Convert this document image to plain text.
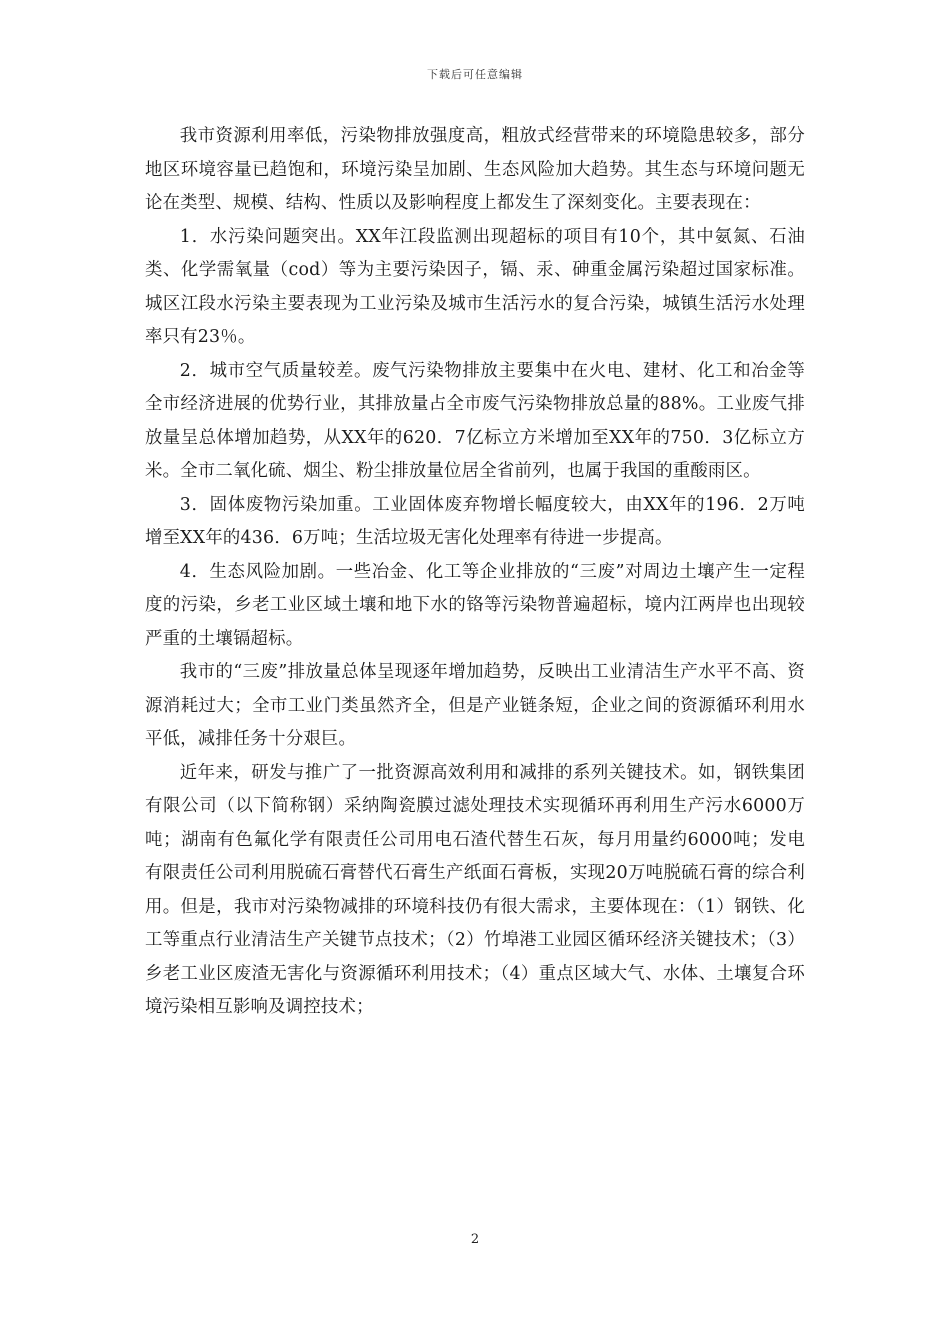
下载后可任意编辑

我市资源利用率低，污染物排放强度高，粗放式经营带来的环境隐患较多，部分地区环境容量已趋饱和，环境污染呈加剧、生态风险加大趋势。其生态与环境问题无论在类型、规模、结构、性质以及影响程度上都发生了深刻变化。主要表现在：

1．水污染问题突出。XX年江段监测出现超标的项目有10个，其中氨氮、石油类、化学需氧量（cod）等为主要污染因子，镉、汞、砷重金属污染超过国家标准。城区江段水污染主要表现为工业污染及城市生活污水的复合污染，城镇生活污水处理率只有23％。

2．城市空气质量较差。废气污染物排放主要集中在火电、建材、化工和冶金等全市经济进展的优势行业，其排放量占全市废气污染物排放总量的88%。工业废气排放量呈总体增加趋势，从XX年的620．7亿标立方米增加至XX年的750．3亿标立方米。全市二氧化硫、烟尘、粉尘排放量位居全省前列，也属于我国的重酸雨区。

3．固体废物污染加重。工业固体废弃物增长幅度较大，由XX年的196．2万吨增至XX年的436．6万吨；生活垃圾无害化处理率有待进一步提高。

4．生态风险加剧。一些冶金、化工等企业排放的“三废”对周边土壤产生一定程度的污染，乡老工业区域土壤和地下水的铬等污染物普遍超标，境内江两岸也出现较严重的土壤镉超标。

我市的“三废”排放量总体呈现逐年增加趋势，反映出工业清洁生产水平不高、资源消耗过大；全市工业门类虽然齐全，但是产业链条短，企业之间的资源循环利用水平低，减排任务十分艰巨。

近年来，研发与推广了一批资源高效利用和减排的系列关键技术。如，钢铁集团有限公司（以下简称钢）采纳陶瓷膜过滤处理技术实现循环再利用生产污水6000万吨；湖南有色氟化学有限责任公司用电石渣代替生石灰，每月用量约6000吨；发电有限责任公司利用脱硫石膏替代石膏生产纸面石膏板，实现20万吨脱硫石膏的综合利用。但是，我市对污染物减排的环境科技仍有很大需求，主要体现在：（1）钢铁、化工等重点行业清洁生产关键节点技术；（2）竹埠港工业园区循环经济关键技术；（3）乡老工业区废渣无害化与资源循环利用技术；（4）重点区域大气、水体、土壤复合环境污染相互影响及调控技术；

2
